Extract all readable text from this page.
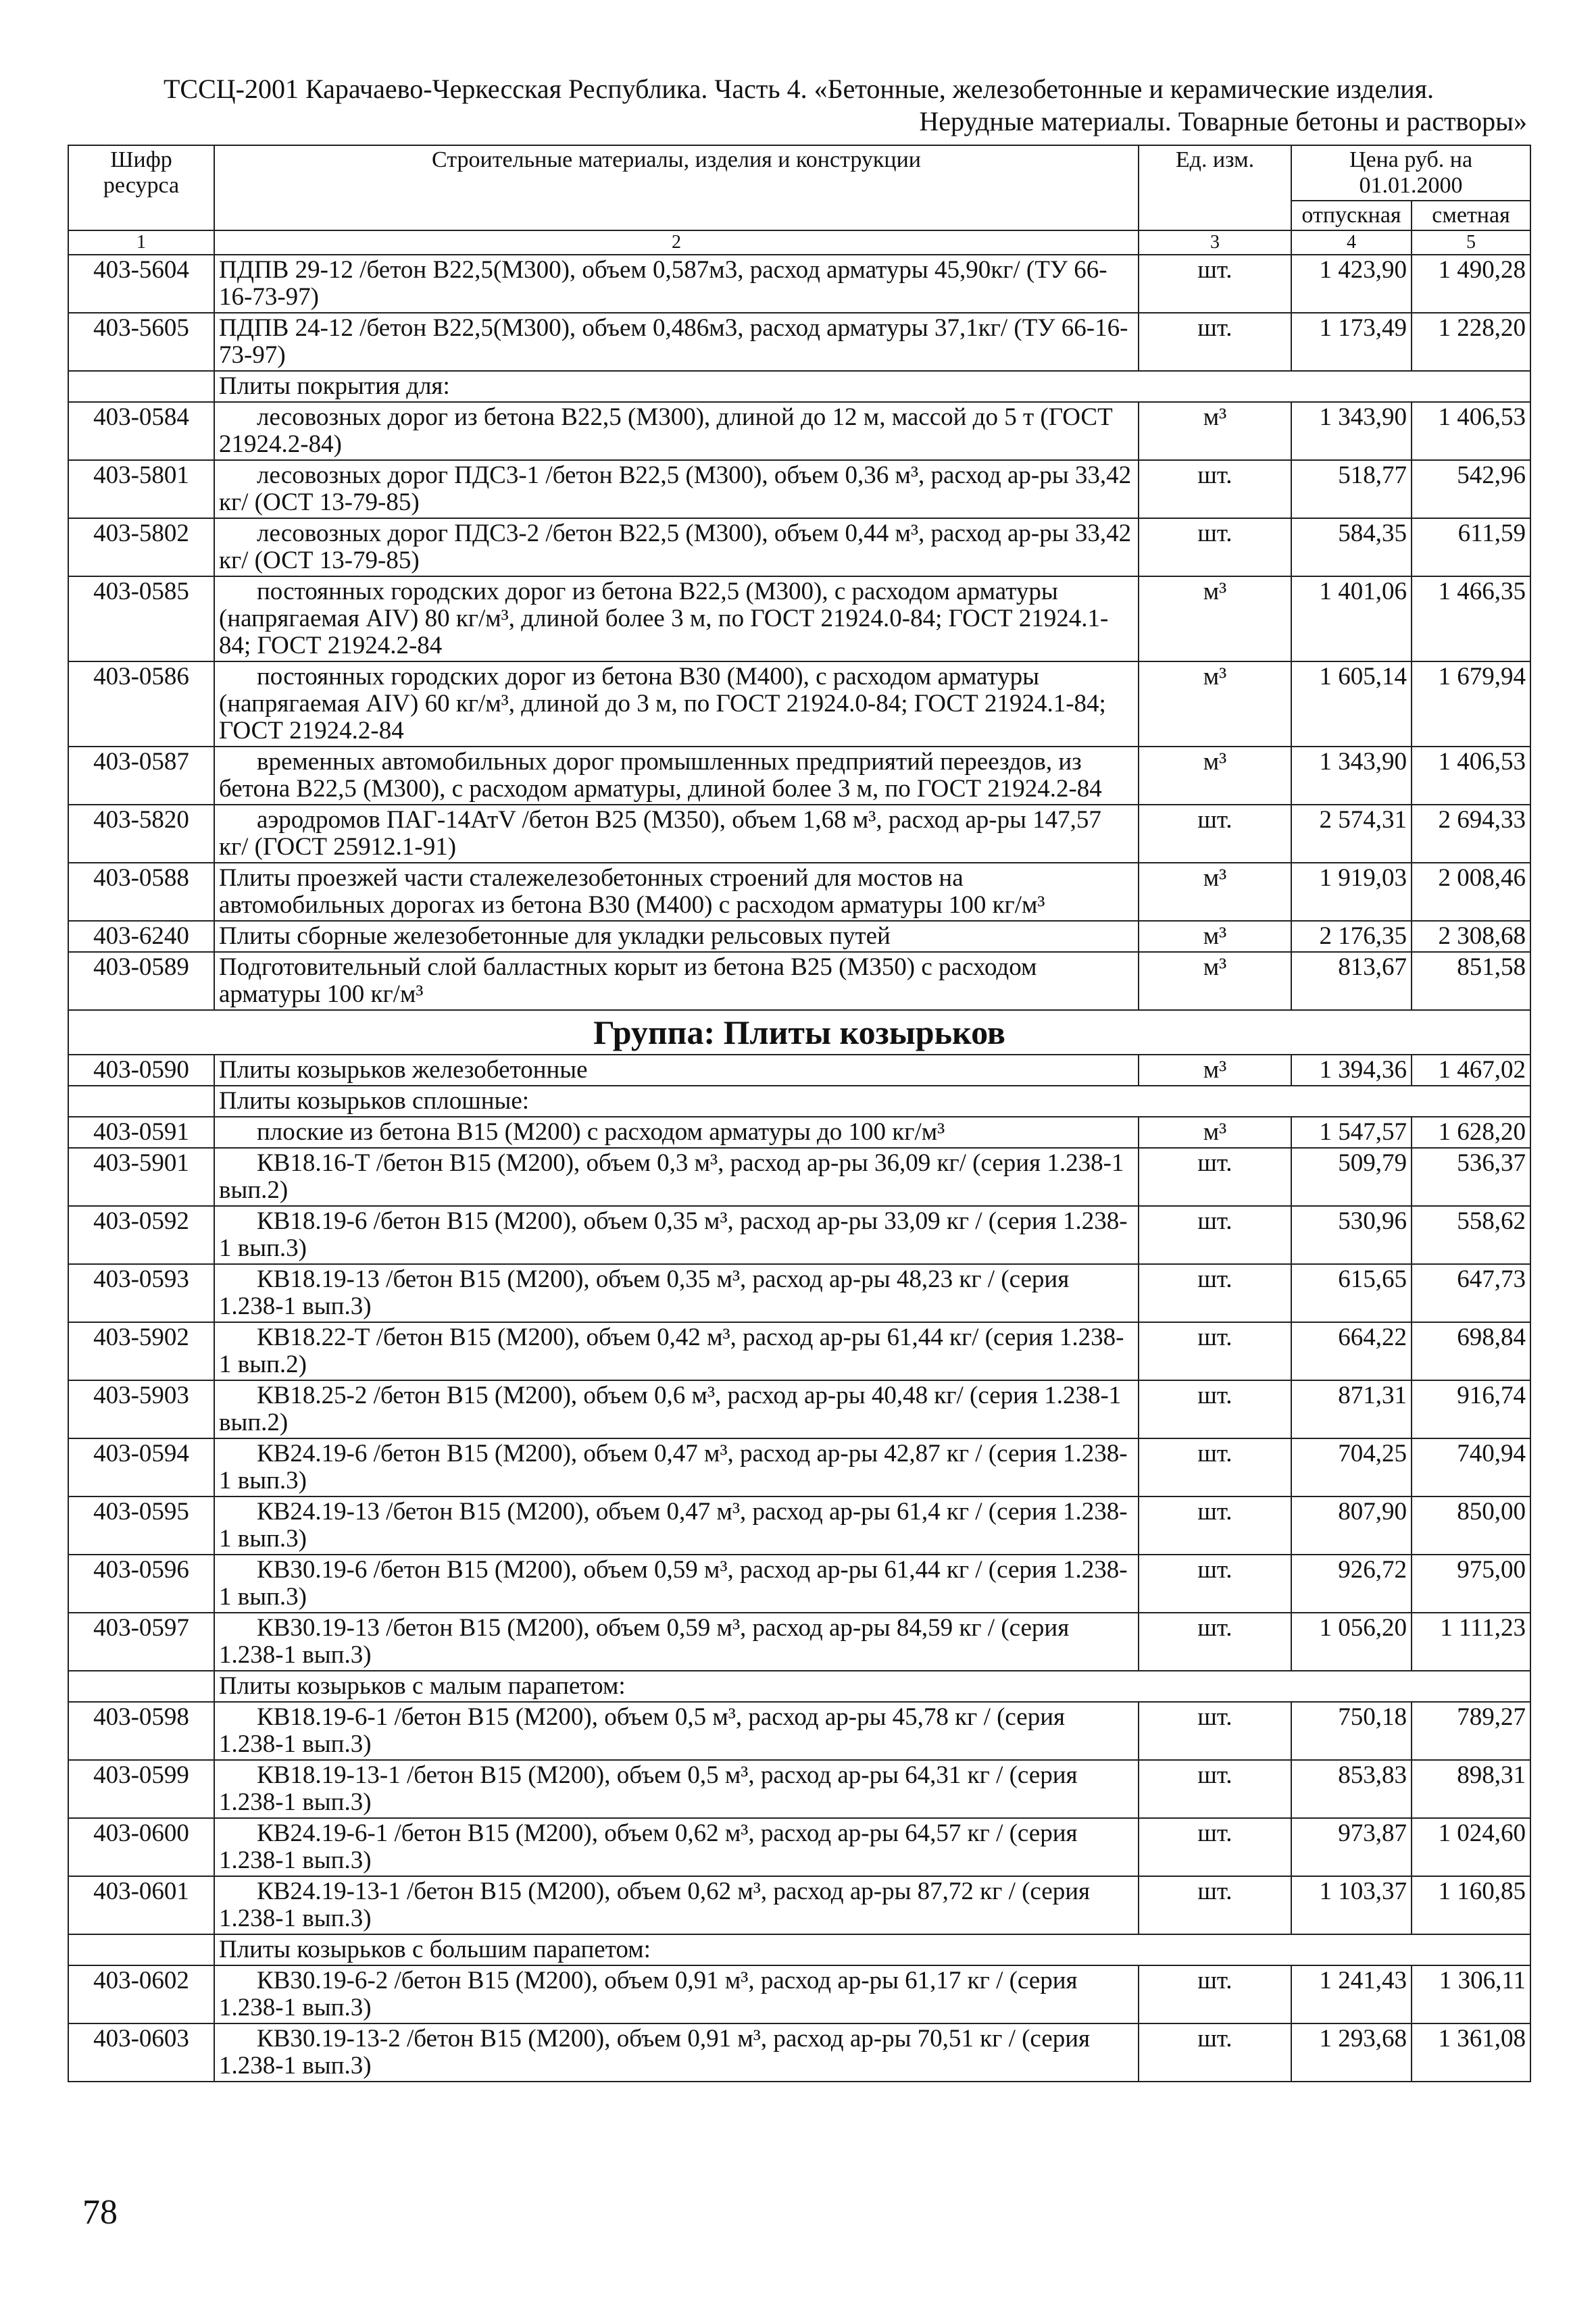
ТССЦ-2001 Карачаево-Черкесская Республика. Часть 4. «Бетонные, железобетонные и керамические изделия.
Нерудные материалы. Товарные бетоны и растворы»
Шифр ресурса	Строительные материалы, изделия и конструкции	Ед. изм.	Цена руб. на 01.01.2000	
			отпускная	сметная
1	2	3	4	5
403-5604	ПДПВ 29-12 /бетон В22,5(М300), объем 0,587м3, расход арматуры 45,90кг/ (ТУ 66-16-73-97)	шт.	1 423,90	1 490,28
403-5605	ПДПВ 24-12 /бетон В22,5(М300), объем 0,486м3, расход арматуры 37,1кг/ (ТУ 66-16-73-97)	шт.	1 173,49	1 228,20
	Плиты покрытия для:			
403-0584	лесовозных дорог из бетона В22,5 (М300), длиной до 12 м, массой до 5 т (ГОСТ 21924.2-84)	м³	1 343,90	1 406,53
403-5801	лесовозных дорог ПДС3-1 /бетон В22,5 (М300), объем 0,36 м³, расход ар-ры 33,42 кг/ (ОСТ 13-79-85)	шт.	518,77	542,96
403-5802	лесовозных дорог ПДС3-2 /бетон В22,5 (М300), объем 0,44 м³, расход ар-ры 33,42 кг/ (ОСТ 13-79-85)	шт.	584,35	611,59
403-0585	постоянных городских дорог из бетона В22,5 (М300), с расходом арматуры (напрягаемая AIV) 80 кг/м³, длиной более 3 м, по ГОСТ 21924.0-84; ГОСТ 21924.1-84; ГОСТ 21924.2-84	м³	1 401,06	1 466,35
403-0586	постоянных городских дорог из бетона В30 (М400), с расходом арматуры (напрягаемая AIV) 60 кг/м³, длиной до 3 м, по ГОСТ 21924.0-84; ГОСТ 21924.1-84; ГОСТ 21924.2-84	м³	1 605,14	1 679,94
403-0587	временных автомобильных дорог промышленных предприятий переездов, из бетона В22,5 (М300), с расходом арматуры, длиной более 3 м, по ГОСТ 21924.2-84	м³	1 343,90	1 406,53
403-5820	аэродромов ПАГ-14АтV /бетон В25 (М350), объем 1,68 м³, расход ар-ры 147,57 кг/ (ГОСТ 25912.1-91)	шт.	2 574,31	2 694,33
403-0588	Плиты проезжей части сталежелезобетонных строений для мостов на автомобильных дорогах из бетона В30 (М400) с расходом арматуры 100 кг/м³	м³	1 919,03	2 008,46
403-6240	Плиты сборные железобетонные для укладки рельсовых путей	м³	2 176,35	2 308,68
403-0589	Подготовительный слой балластных корыт из бетона В25 (М350) с расходом арматуры 100 кг/м³	м³	813,67	851,58
Группа: Плиты козырьков				
403-0590	Плиты козырьков железобетонные	м³	1 394,36	1 467,02
	Плиты козырьков сплошные:			
403-0591	плоские из бетона В15 (М200) с расходом арматуры до 100 кг/м³	м³	1 547,57	1 628,20
403-5901	КВ18.16-Т /бетон В15 (М200), объем 0,3 м³, расход ар-ры 36,09 кг/ (серия 1.238-1 вып.2)	шт.	509,79	536,37
403-0592	КВ18.19-6 /бетон В15 (М200), объем 0,35 м³, расход ар-ры 33,09 кг / (серия 1.238-1 вып.3)	шт.	530,96	558,62
403-0593	КВ18.19-13 /бетон В15 (М200), объем 0,35 м³, расход ар-ры 48,23 кг / (серия 1.238-1 вып.3)	шт.	615,65	647,73
403-5902	КВ18.22-Т /бетон В15 (М200), объем 0,42 м³, расход ар-ры 61,44 кг/ (серия 1.238-1 вып.2)	шт.	664,22	698,84
403-5903	КВ18.25-2 /бетон В15 (М200), объем 0,6 м³, расход ар-ры 40,48 кг/ (серия 1.238-1 вып.2)	шт.	871,31	916,74
403-0594	КВ24.19-6 /бетон В15 (М200), объем 0,47 м³, расход ар-ры 42,87 кг / (серия 1.238-1 вып.3)	шт.	704,25	740,94
403-0595	КВ24.19-13 /бетон В15 (М200), объем 0,47 м³, расход ар-ры 61,4 кг / (серия 1.238-1 вып.3)	шт.	807,90	850,00
403-0596	КВ30.19-6 /бетон В15 (М200), объем 0,59 м³, расход ар-ры 61,44 кг / (серия 1.238-1 вып.3)	шт.	926,72	975,00
403-0597	КВ30.19-13 /бетон В15 (М200), объем 0,59 м³, расход ар-ры 84,59 кг / (серия 1.238-1 вып.3)	шт.	1 056,20	1 111,23
	Плиты козырьков с малым парапетом:			
403-0598	КВ18.19-6-1 /бетон В15 (М200), объем 0,5 м³, расход ар-ры 45,78 кг / (серия 1.238-1 вып.3)	шт.	750,18	789,27
403-0599	КВ18.19-13-1 /бетон В15 (М200), объем 0,5 м³, расход ар-ры 64,31 кг / (серия 1.238-1 вып.3)	шт.	853,83	898,31
403-0600	КВ24.19-6-1 /бетон В15 (М200), объем 0,62 м³, расход ар-ры 64,57 кг / (серия 1.238-1 вып.3)	шт.	973,87	1 024,60
403-0601	КВ24.19-13-1 /бетон В15 (М200), объем 0,62 м³, расход ар-ры 87,72 кг / (серия 1.238-1 вып.3)	шт.	1 103,37	1 160,85
	Плиты козырьков с большим парапетом:			
403-0602	КВ30.19-6-2 /бетон В15 (М200), объем 0,91 м³, расход ар-ры 61,17 кг / (серия 1.238-1 вып.3)	шт.	1 241,43	1 306,11
403-0603	КВ30.19-13-2 /бетон В15 (М200), объем 0,91 м³, расход ар-ры 70,51 кг / (серия 1.238-1 вып.3)	шт.	1 293,68	1 361,08
78
